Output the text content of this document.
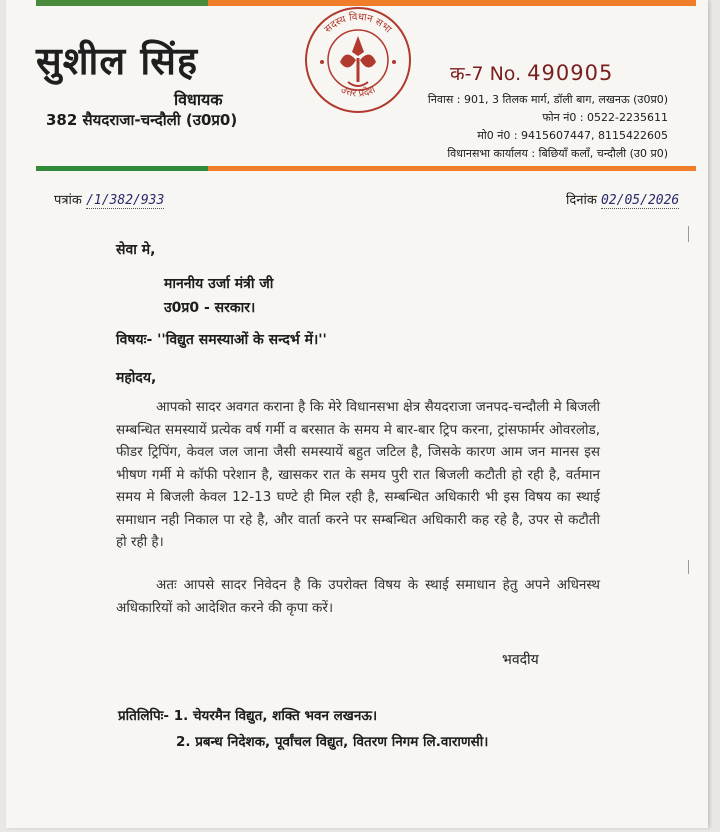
सुशील सिंह
विधायक
382 सैयदराजा-चन्दौली (उ0प्र0)
सदस्य विधान सभा
उत्तर प्रदेश
क-7 No. 490905
निवास : 901, 3 तिलक मार्ग, डॉली बाग, लखनऊ (उ0प्र0)
फोन नं0 : 0522-2235611
मो0 नं0 : 9415607447, 8115422605
विधानसभा कार्यालय : बिछियाँ कलाँ, चन्दौली (उ0 प्र0)
पत्रांक /1/382/933	दिनांक 02/05/2026
सेवा मे,
माननीय उर्जा मंत्री जी
उ0प्र0 - सरकार।
विषयः- ''विद्युत समस्याओं के सन्दर्भ में।''
महोदय,
आपको सादर अवगत कराना है कि मेरे विधानसभा क्षेत्र सैयदराजा जनपद-चन्दौली मे बिजली सम्बन्धित समस्यायें प्रत्येक वर्ष गर्मी व बरसात के समय मे बार-बार ट्रिप करना, ट्रांसफार्मर ओवरलोड, फीडर ट्रिपिंग, केवल जल जाना जैसी समस्यायें बहुत जटिल है, जिसके कारण आम जन मानस इस भीषण गर्मी मे कॉफी परेशान है, खासकर रात के समय पुरी रात बिजली कटौती हो रही है, वर्तमान समय मे बिजली केवल 12-13 घण्टे ही मिल रही है, सम्बन्धित अधिकारी भी इस विषय का स्थाई समाधान नही निकाल पा रहे है, और वार्ता करने पर सम्बन्धित अधिकारी कह रहे है, उपर से कटौती हो रही है।
अतः आपसे सादर निवेदन है कि उपरोक्त विषय के स्थाई समाधान हेतु अपने अधिनस्थ अधिकारियों को आदेशित करने की कृपा करें।
भवदीय
प्रतिलिपिः- 1. चेयरमैन विद्युत, शक्ति भवन लखनऊ।
2. प्रबन्ध निदेशक, पूर्वांचल विद्युत, वितरण निगम लि.वाराणसी।
